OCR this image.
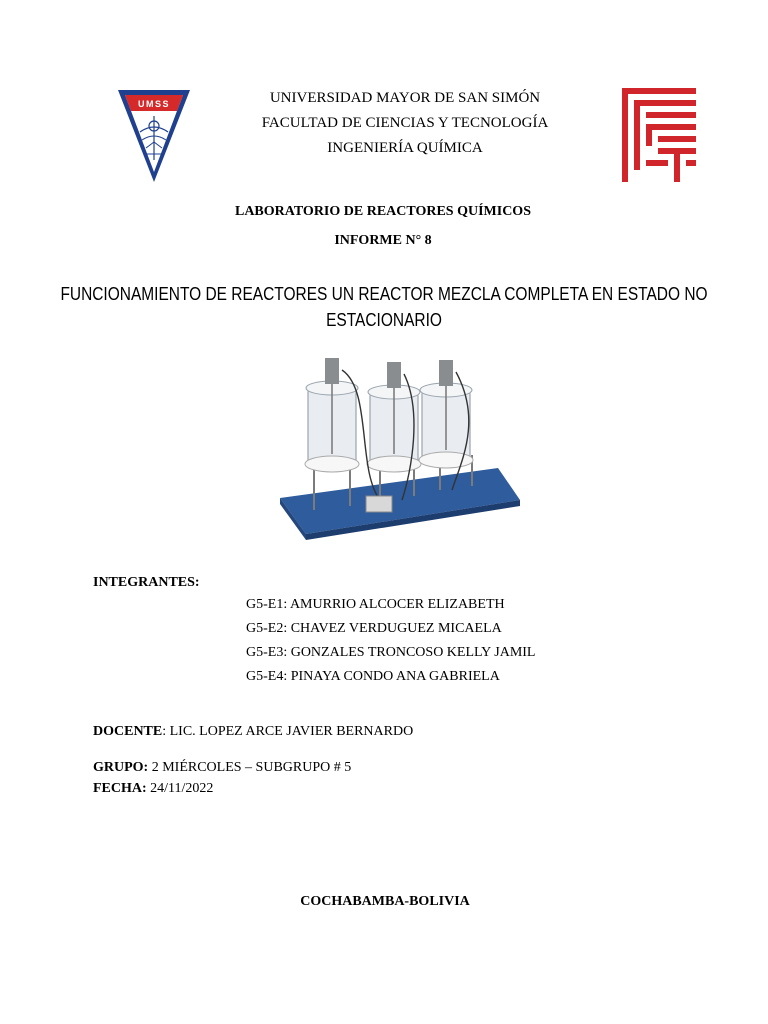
UMSS	UNIVERSIDAD MAYOR DE SAN SIMÓN
FACULTAD DE CIENCIAS Y TECNOLOGÍA
INGENIERÍA QUÍMICA
LABORATORIO DE REACTORES QUÍMICOS
INFORME N° 8
FUNCIONAMIENTO DE REACTORES UN REACTOR MEZCLA COMPLETA EN ESTADO NO
ESTACIONARIO
INTEGRANTES:
G5-E1: AMURRIO ALCOCER ELIZABETH
G5-E2: CHAVEZ VERDUGUEZ MICAELA
G5-E3: GONZALES TRONCOSO KELLY JAMIL
G5-E4: PINAYA CONDO ANA GABRIELA
DOCENTE: LIC. LOPEZ ARCE JAVIER BERNARDO
GRUPO: 2 MIÉRCOLES – SUBGRUPO # 5
FECHA: 24/11/2022
COCHABAMBA-BOLIVIA
